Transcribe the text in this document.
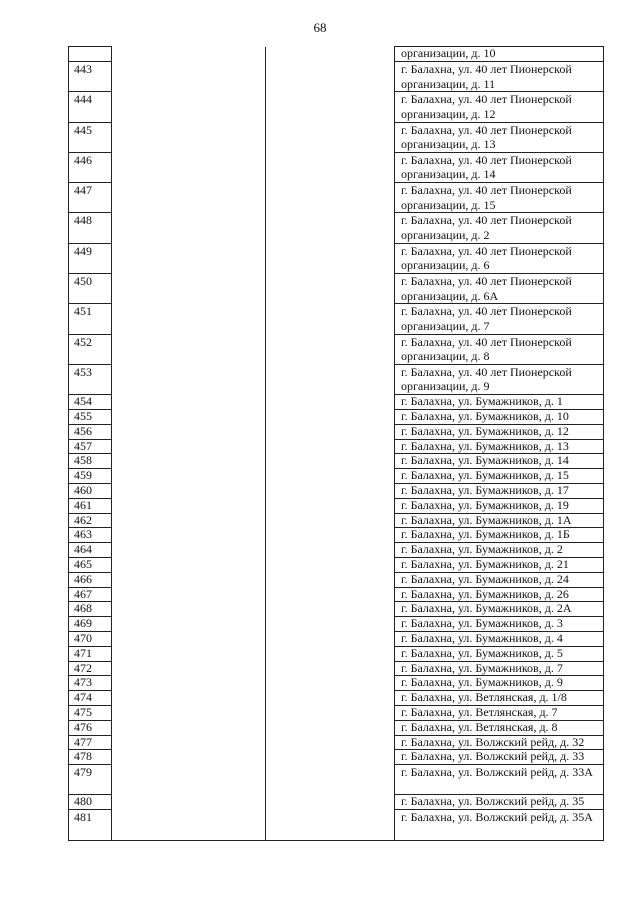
68
			организации, д. 10
443			г. Балахна, ул. 40 лет Пионерской организации, д. 11
444			г. Балахна, ул. 40 лет Пионерской организации, д. 12
445			г. Балахна, ул. 40 лет Пионерской организации, д. 13
446			г. Балахна, ул. 40 лет Пионерской организации, д. 14
447			г. Балахна, ул. 40 лет Пионерской организации, д. 15
448			г. Балахна, ул. 40 лет Пионерской организации, д. 2
449			г. Балахна, ул. 40 лет Пионерской организации, д. 6
450			г. Балахна, ул. 40 лет Пионерской организации, д. 6А
451			г. Балахна, ул. 40 лет Пионерской организации, д. 7
452			г. Балахна, ул. 40 лет Пионерской организации, д. 8
453			г. Балахна, ул. 40 лет Пионерской организации, д. 9
454			г. Балахна, ул. Бумажников, д. 1
455			г. Балахна, ул. Бумажников, д. 10
456			г. Балахна, ул. Бумажников, д. 12
457			г. Балахна, ул. Бумажников, д. 13
458			г. Балахна, ул. Бумажников, д. 14
459			г. Балахна, ул. Бумажников, д. 15
460			г. Балахна, ул. Бумажников, д. 17
461			г. Балахна, ул. Бумажников, д. 19
462			г. Балахна, ул. Бумажников, д. 1А
463			г. Балахна, ул. Бумажников, д. 1Б
464			г. Балахна, ул. Бумажников, д. 2
465			г. Балахна, ул. Бумажников, д. 21
466			г. Балахна, ул. Бумажников, д. 24
467			г. Балахна, ул. Бумажников, д. 26
468			г. Балахна, ул. Бумажников, д. 2А
469			г. Балахна, ул. Бумажников, д. 3
470			г. Балахна, ул. Бумажников, д. 4
471			г. Балахна, ул. Бумажников, д. 5
472			г. Балахна, ул. Бумажников, д. 7
473			г. Балахна, ул. Бумажников, д. 9
474			г. Балахна, ул. Ветлянская, д. 1/8
475			г. Балахна, ул. Ветлянская, д. 7
476			г. Балахна, ул. Ветлянская, д. 8
477			г. Балахна, ул. Волжский рейд, д. 32
478			г. Балахна, ул. Волжский рейд, д. 33
479			г. Балахна, ул. Волжский рейд, д. 33А
480			г. Балахна, ул. Волжский рейд, д. 35
481			г. Балахна, ул. Волжский рейд, д. 35А
